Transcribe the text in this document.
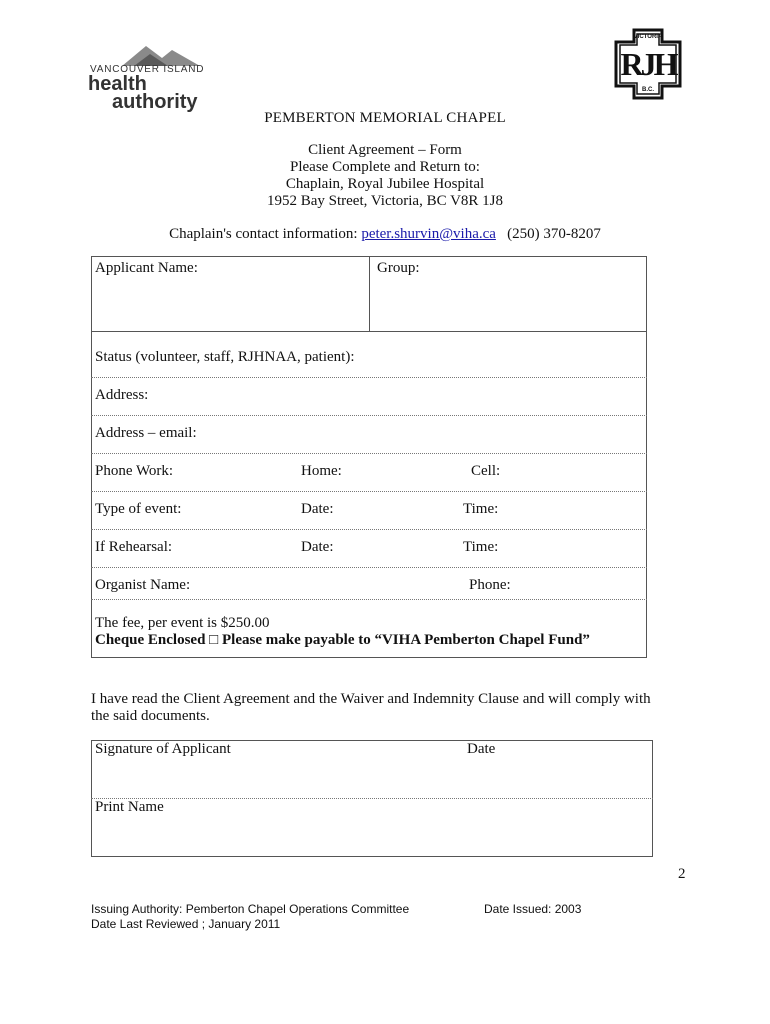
VANCOUVER ISLAND
health
authority
VICTORIA
RJH
B.C.
PEMBERTON MEMORIAL CHAPEL
Client Agreement – Form
Please Complete and Return to:
Chaplain, Royal Jubilee Hospital
1952 Bay Street, Victoria, BC V8R 1J8
Chaplain's contact information: peter.shurvin@viha.ca (250) 370-8207
Applicant Name:	Group:
Status (volunteer, staff, RJHNAA, patient):
Address:
Address – email:
Phone Work:	Home:	Cell:
Type of event:	Date:	Time:
If Rehearsal:	Date:	Time:
Organist Name:	Phone:
The fee, per event is $250.00
Cheque Enclosed □ Please make payable to “VIHA Pemberton Chapel Fund”
I have read the Client Agreement and the Waiver and Indemnity Clause and will comply with
the said documents.
Signature of Applicant	Date
Print Name
2
Issuing Authority: Pemberton Chapel Operations Committee
Date Last Reviewed ; January 2011
Date Issued: 2003
